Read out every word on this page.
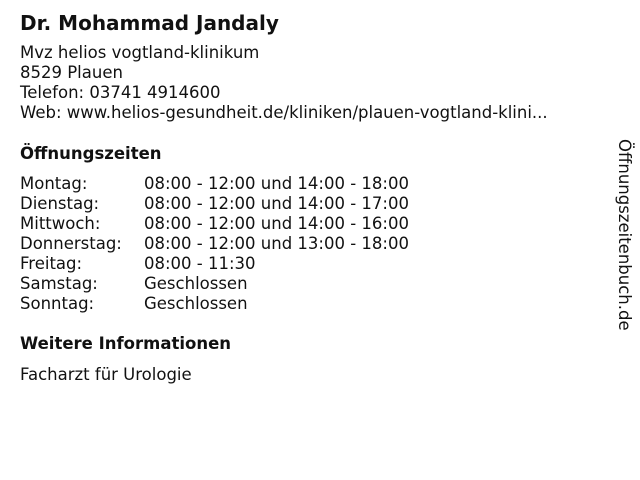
Dr. Mohammad Jandaly
Mvz helios vogtland-klinikum
8529 Plauen
Telefon: 03741 4914600
Web: www.helios-gesundheit.de/kliniken/plauen-vogtland-klini...
Öffnungszeiten
Montag:	08:00 - 12:00 und 14:00 - 18:00
Dienstag:	08:00 - 12:00 und 14:00 - 17:00
Mittwoch:	08:00 - 12:00 und 14:00 - 16:00
Donnerstag:	08:00 - 12:00 und 13:00 - 18:00
Freitag:	08:00 - 11:30
Samstag:	Geschlossen
Sonntag:	Geschlossen
Weitere Informationen
Facharzt für Urologie
Öffnungszeitenbuch.de
